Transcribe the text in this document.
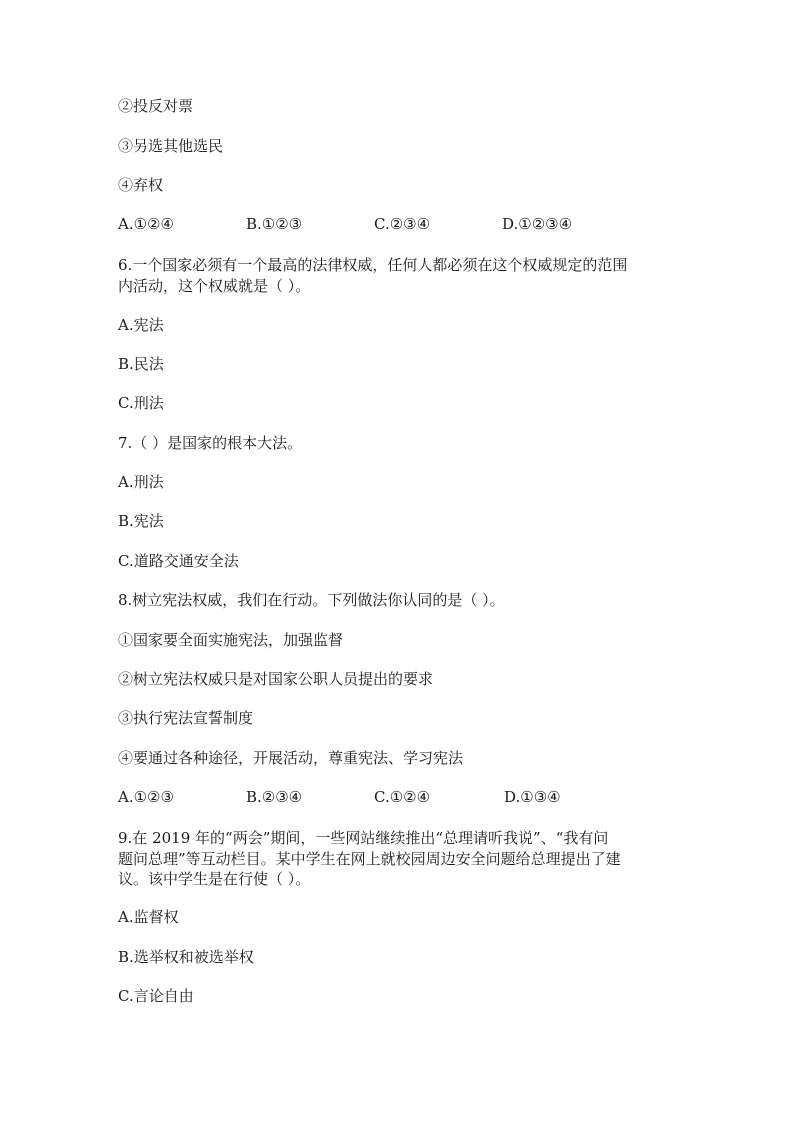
②投反对票
③另选其他选民
④弃权
A.①②④	B.①②③	C.②③④	D.①②③④
6.一个国家必须有一个最高的法律权威，任何人都必须在这个权威规定的范围
内活动，这个权威就是（ ）。
A.宪法
B.民法
C.刑法
7.（ ）是国家的根本大法。
A.刑法
B.宪法
C.道路交通安全法
8.树立宪法权威，我们在行动。下列做法你认同的是（ ）。
①国家要全面实施宪法，加强监督
②树立宪法权威只是对国家公职人员提出的要求
③执行宪法宣誓制度
④要通过各种途径，开展活动，尊重宪法、学习宪法
A.①②③	B.②③④	C.①②④	D.①③④
9.在 2019 年的“两会”期间，一些网站继续推出“总理请听我说”、“我有问
题问总理”等互动栏目。某中学生在网上就校园周边安全问题给总理提出了建
议。该中学生是在行使（ ）。
A.监督权
B.选举权和被选举权
C.言论自由
